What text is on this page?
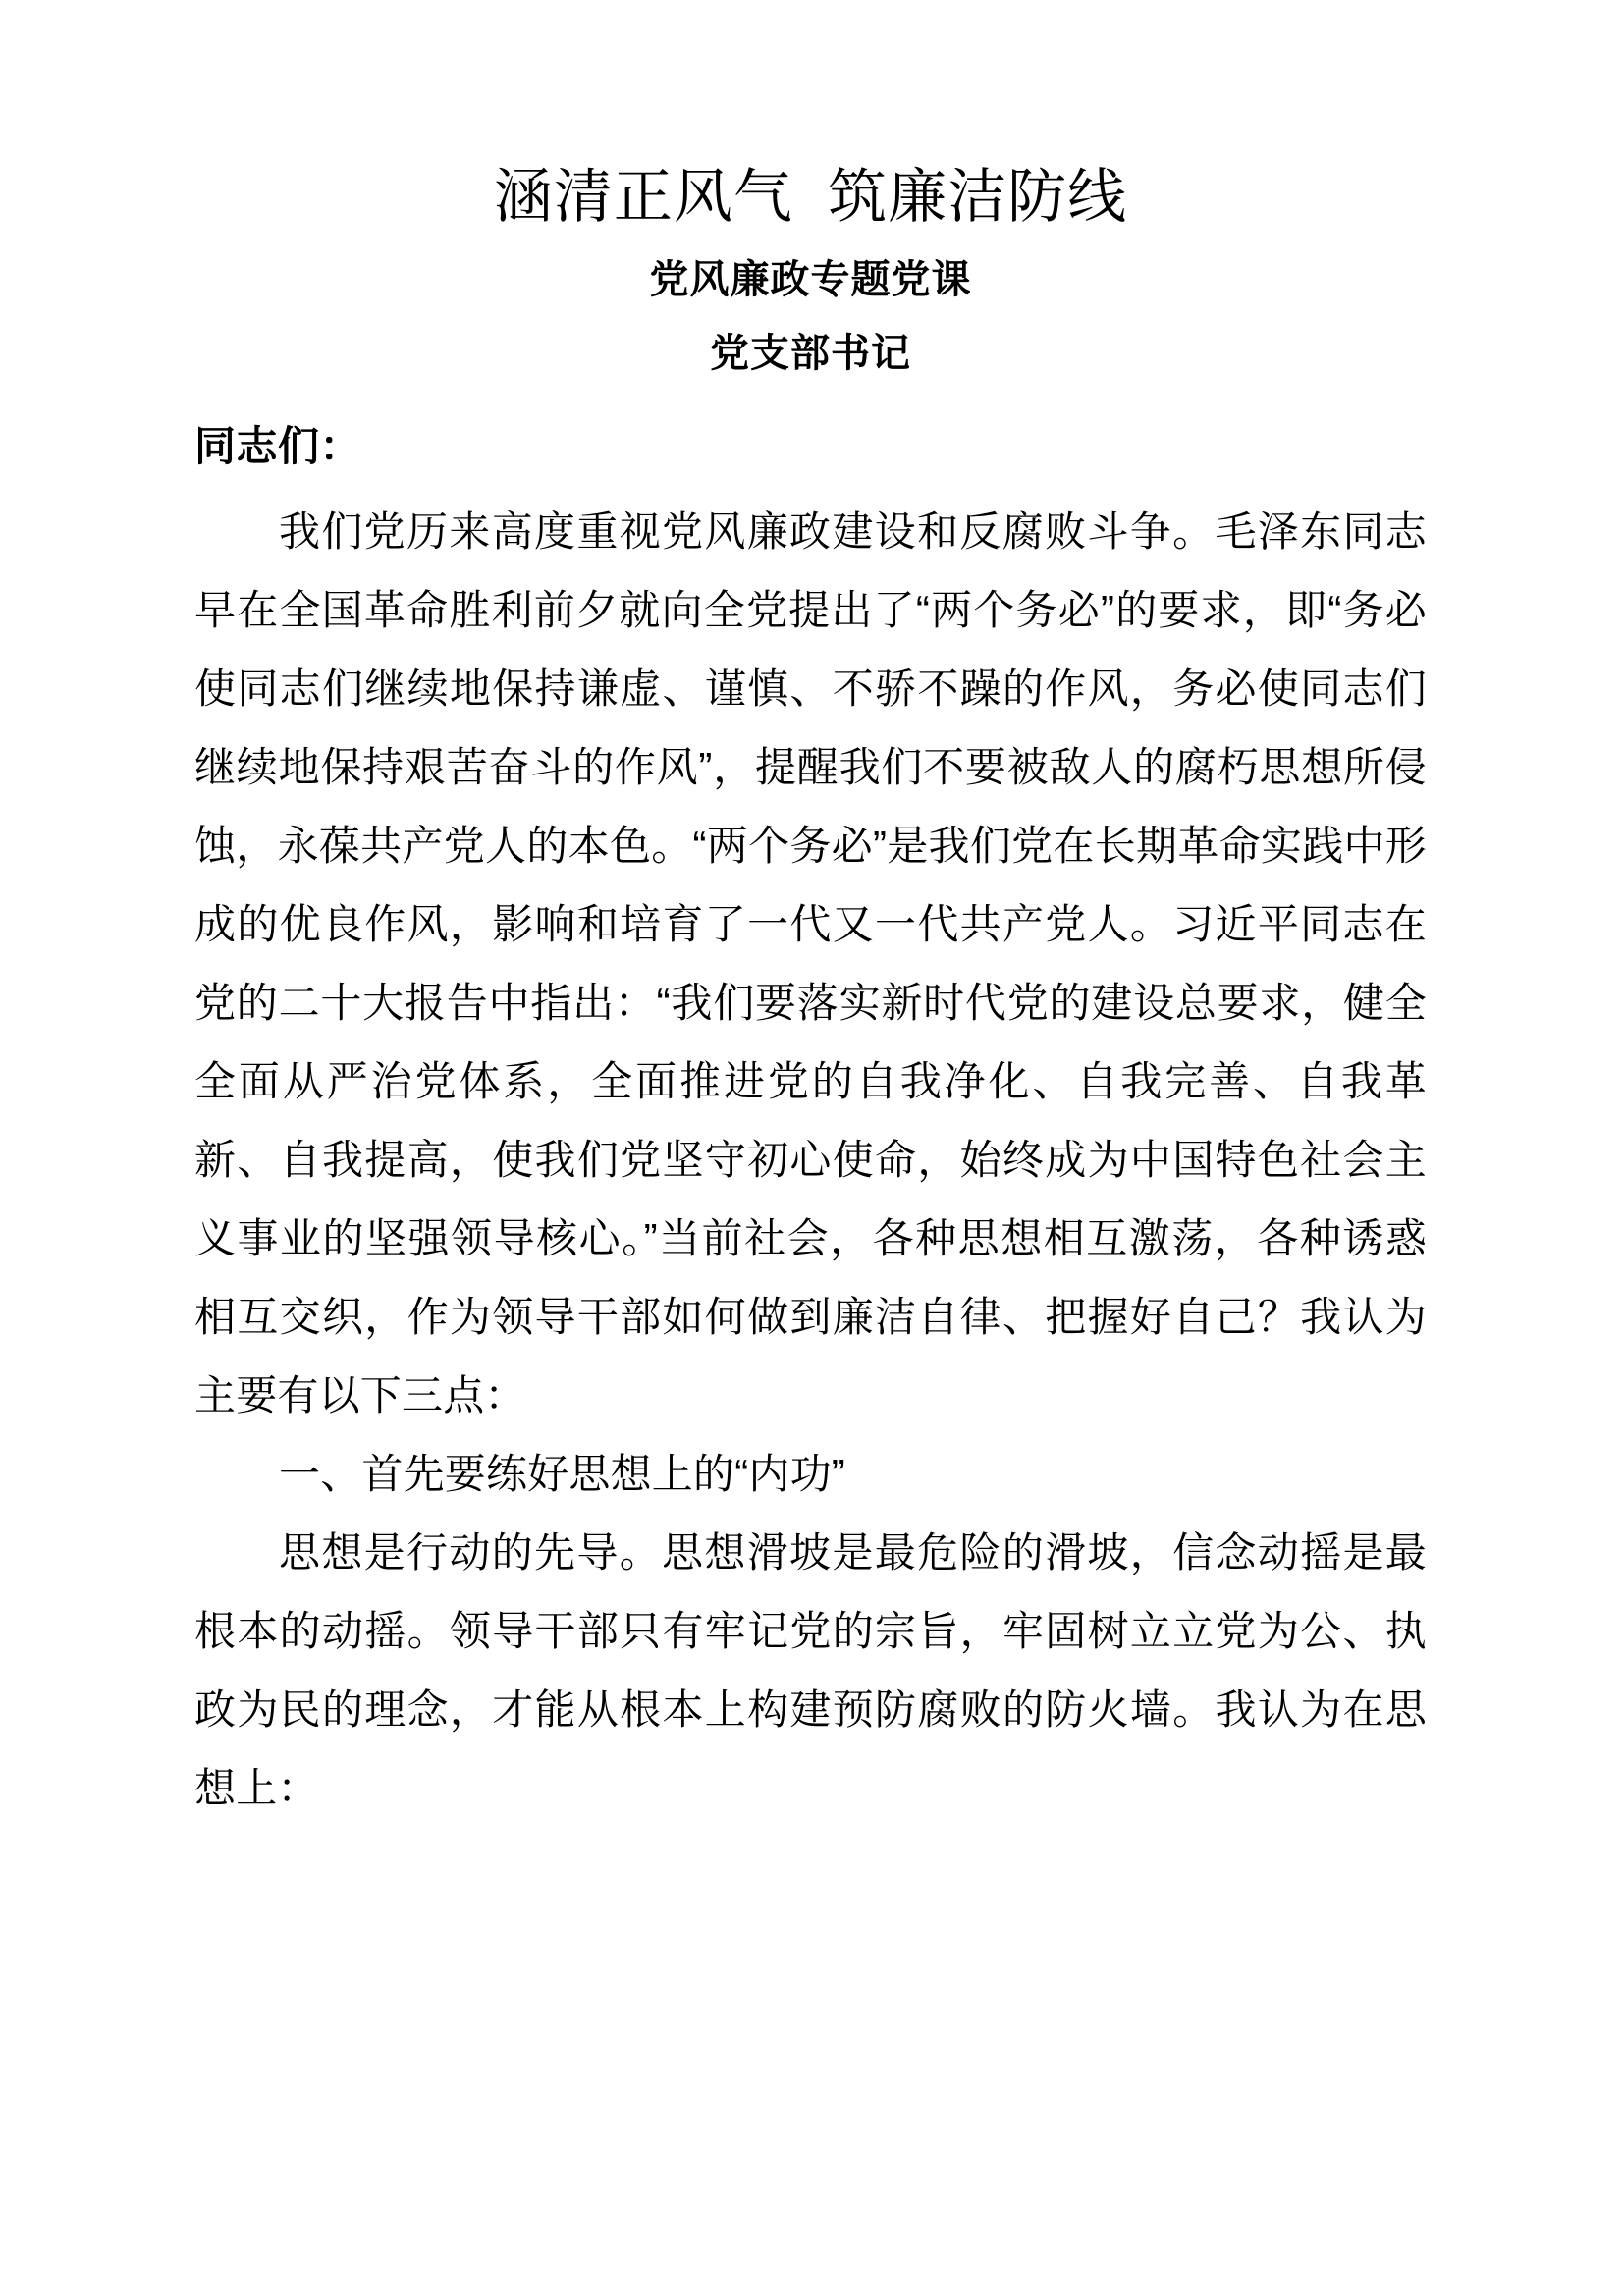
涵清正风气  筑廉洁防线
党风廉政专题党课
党支部书记

同志们：

我们党历来高度重视党风廉政建设和反腐败斗争。毛泽东同志早在全国革命胜利前夕就向全党提出了“两个务必”的要求，即“务必使同志们继续地保持谦虚、谨慎、不骄不躁的作风，务必使同志们继续地保持艰苦奋斗的作风”，提醒我们不要被敌人的腐朽思想所侵蚀，永葆共产党人的本色。“两个务必”是我们党在长期革命实践中形成的优良作风，影响和培育了一代又一代共产党人。习近平同志在党的二十大报告中指出：“我们要落实新时代党的建设总要求，健全全面从严治党体系，全面推进党的自我净化、自我完善、自我革新、自我提高，使我们党坚守初心使命，始终成为中国特色社会主义事业的坚强领导核心。”当前社会，各种思想相互激荡，各种诱惑相互交织，作为领导干部如何做到廉洁自律、把握好自己？我认为主要有以下三点：

一、首先要练好思想上的“内功”

思想是行动的先导。思想滑坡是最危险的滑坡，信念动摇是最根本的动摇。领导干部只有牢记党的宗旨，牢固树立立党为公、执政为民的理念，才能从根本上构建预防腐败的防火墙。我认为在思想上：
